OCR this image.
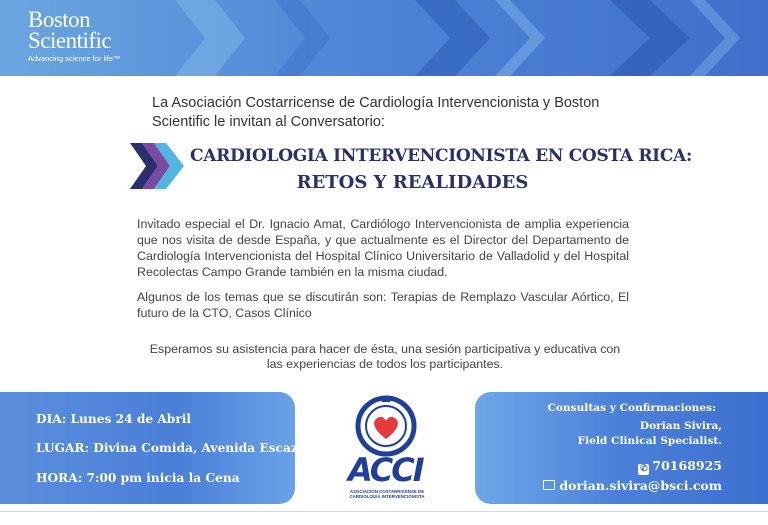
Boston
Scientific
Advancing science for life™
La Asociación Costarricense de Cardiología Intervencionista y Boston Scientific le invitan al Conversatorio:
CARDIOLOGIA INTERVENCIONISTA EN COSTA RICA:
RETOS Y REALIDADES
Invitado especial el Dr. Ignacio Amat, Cardiólogo Intervencionista de amplia experiencia que nos visita de desde España, y que actualmente es el Director del Departamento de Cardiología Intervencionista del Hospital Clínico Universitario de Valladolid y del Hospital Recolectas Campo Grande también en la misma ciudad.
Algunos de los temas que se discutirán son: Terapias de Remplazo Vascular Aórtico, El futuro de la CTO, Casos Clínico
Esperamos su asistencia para hacer de ésta, una sesión participativa y educativa con
las experiencias de todos los participantes.
DIA: Lunes 24 de Abril
LUGAR: Divina Comida, Avenida Escazú
HORA: 7:00 pm inicia la Cena	ACCI
ASOCIACIÓN COSTARRICENSE DE
CARDIOLOGÍA INTERVENCIONISTA
Consultas y Confirmaciones:
Dorian Sivira,
Field Clinical Specialist.
✆ 70168925
dorian.sivira@bsci.com
